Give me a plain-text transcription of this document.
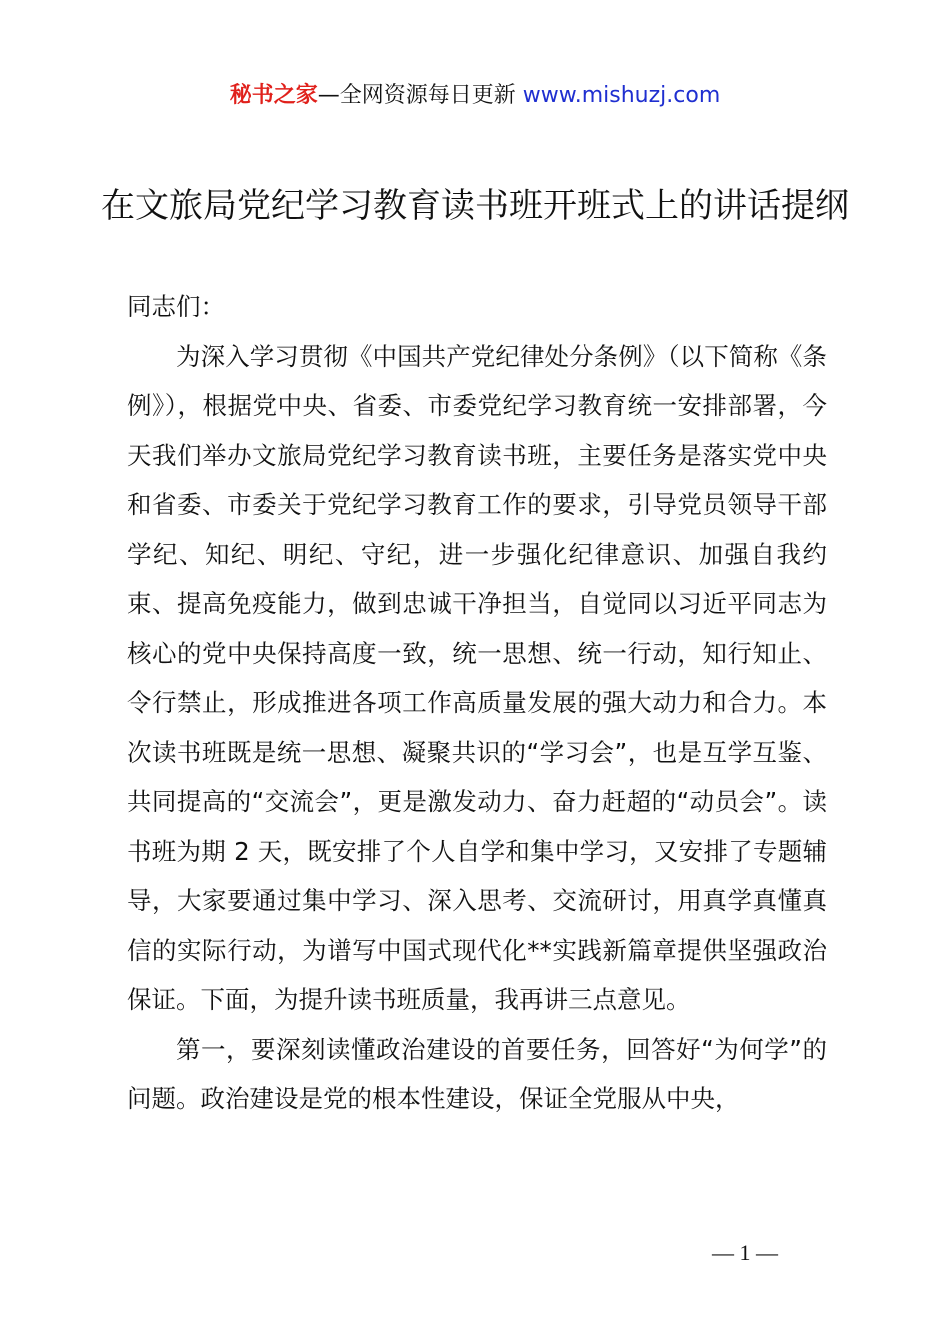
秘书之家—全网资源每日更新 www.mishuzj.com
在文旅局党纪学习教育读书班开班式上的讲话提纲

同志们：

为深入学习贯彻《中国共产党纪律处分条例》（以下简称《条例》），根据党中央、省委、市委党纪学习教育统一安排部署，今天我们举办文旅局党纪学习教育读书班，主要任务是落实党中央和省委、市委关于党纪学习教育工作的要求，引导党员领导干部学纪、知纪、明纪、守纪，进一步强化纪律意识、加强自我约束、提高免疫能力，做到忠诚干净担当，自觉同以习近平同志为核心的党中央保持高度一致，统一思想、统一行动，知行知止、令行禁止，形成推进各项工作高质量发展的强大动力和合力。本次读书班既是统一思想、凝聚共识的“学习会”，也是互学互鉴、共同提高的“交流会”，更是激发动力、奋力赶超的“动员会”。读书班为期 2 天，既安排了个人自学和集中学习，又安排了专题辅导，大家要通过集中学习、深入思考、交流研讨，用真学真懂真信的实际行动，为谱写中国式现代化**实践新篇章提供坚强政治保证。下面，为提升读书班质量，我再讲三点意见。

第一，要深刻读懂政治建设的首要任务，回答好“为何学”的问题。政治建设是党的根本性建设，保证全党服从中央，

— 1 —
